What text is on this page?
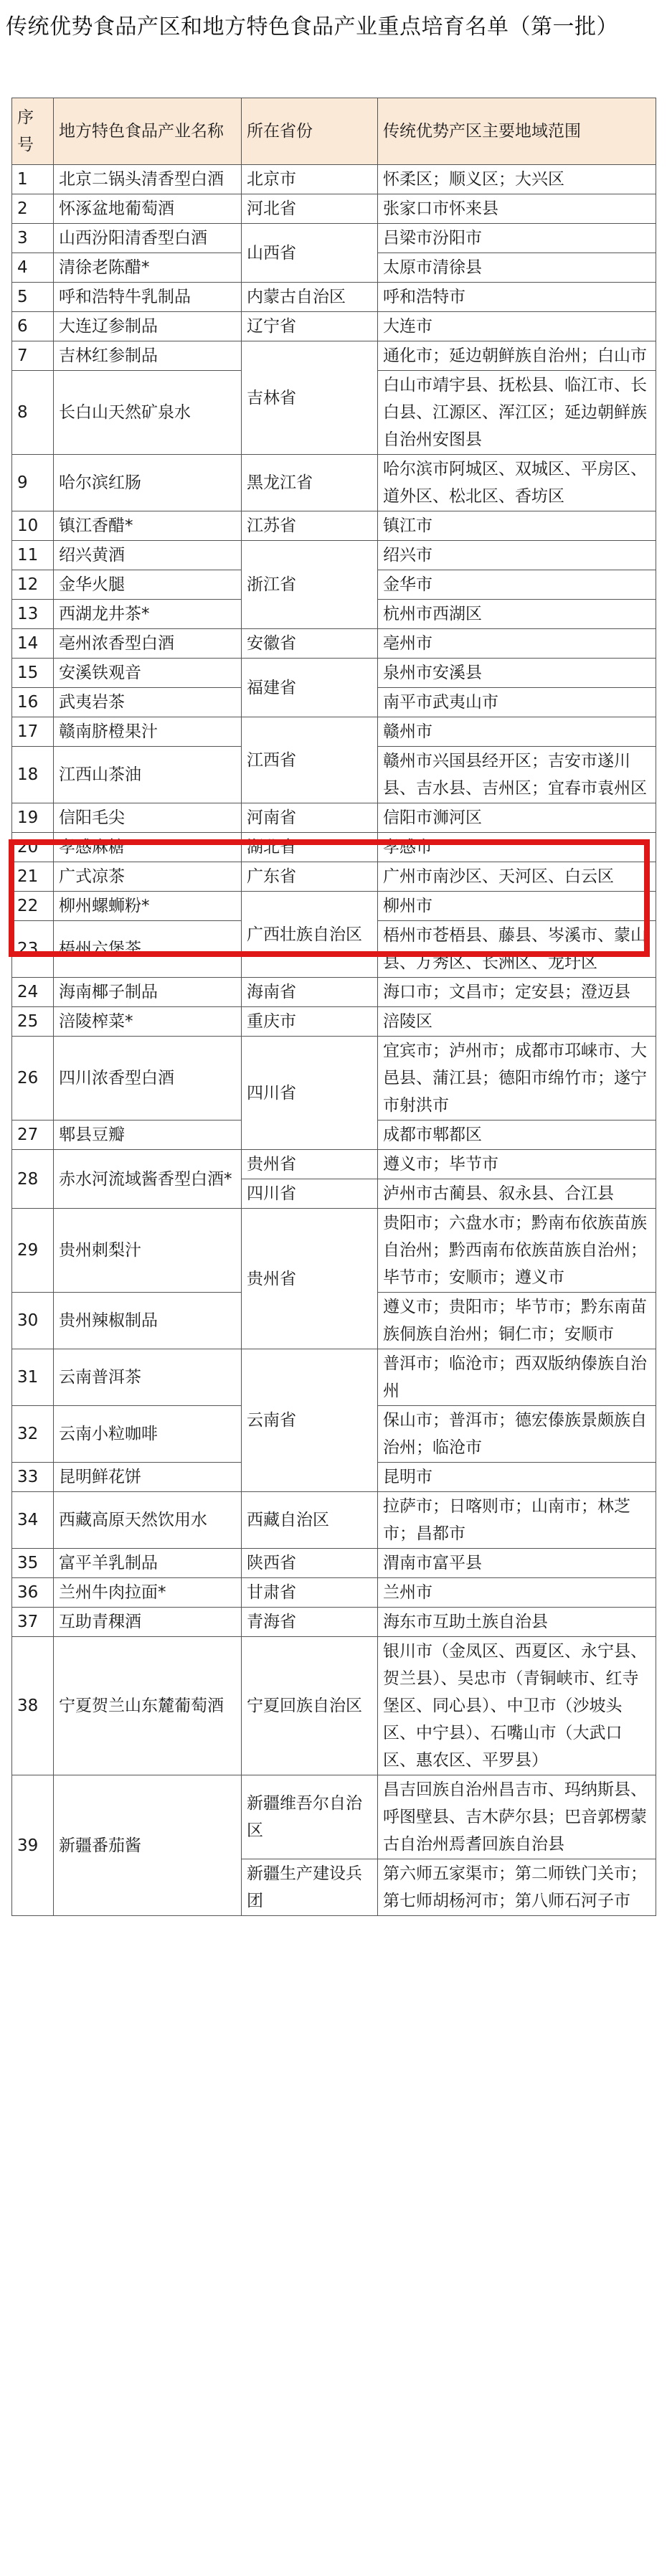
传统优势食品产区和地方特色食品产业重点培育名单（第一批）
序号	地方特色食品产业名称	所在省份	传统优势产区主要地域范围
1	北京二锅头清香型白酒	北京市	怀柔区；顺义区；大兴区
2	怀涿盆地葡萄酒	河北省	张家口市怀来县
3	山西汾阳清香型白酒	山西省	吕梁市汾阳市
4	清徐老陈醋*		太原市清徐县
5	呼和浩特牛乳制品	内蒙古自治区	呼和浩特市
6	大连辽参制品	辽宁省	大连市
7	吉林红参制品	吉林省	通化市；延边朝鲜族自治州；白山市
8	长白山天然矿泉水		白山市靖宇县、抚松县、临江市、长白县、江源区、浑江区；延边朝鲜族自治州安图县
9	哈尔滨红肠	黑龙江省	哈尔滨市阿城区、双城区、平房区、道外区、松北区、香坊区
10	镇江香醋*	江苏省	镇江市
11	绍兴黄酒	浙江省	绍兴市
12	金华火腿		金华市
13	西湖龙井茶*		杭州市西湖区
14	亳州浓香型白酒	安徽省	亳州市
15	安溪铁观音	福建省	泉州市安溪县
16	武夷岩茶		南平市武夷山市
17	赣南脐橙果汁	江西省	赣州市
18	江西山茶油		赣州市兴国县经开区；吉安市遂川县、吉水县、吉州区；宜春市袁州区
19	信阳毛尖	河南省	信阳市浉河区
20	孝感麻糖	湖北省	孝感市
21	广式凉茶	广东省	广州市南沙区、天河区、白云区
22	柳州螺蛳粉*	广西壮族自治区	柳州市
23	梧州六堡茶		梧州市苍梧县、藤县、岑溪市、蒙山县、万秀区、长洲区、龙圩区
24	海南椰子制品	海南省	海口市；文昌市；定安县；澄迈县
25	涪陵榨菜*	重庆市	涪陵区
26	四川浓香型白酒	四川省	宜宾市；泸州市；成都市邛崃市、大邑县、蒲江县；德阳市绵竹市；遂宁市射洪市
27	郫县豆瓣		成都市郫都区
28	赤水河流域酱香型白酒*	贵州省	遵义市；毕节市
		四川省	泸州市古蔺县、叙永县、合江县
29	贵州刺梨汁	贵州省	贵阳市；六盘水市；黔南布依族苗族自治州；黔西南布依族苗族自治州；毕节市；安顺市；遵义市
30	贵州辣椒制品		遵义市；贵阳市；毕节市；黔东南苗族侗族自治州；铜仁市；安顺市
31	云南普洱茶	云南省	普洱市；临沧市；西双版纳傣族自治州
32	云南小粒咖啡		保山市；普洱市；德宏傣族景颇族自治州；临沧市
33	昆明鲜花饼		昆明市
34	西藏高原天然饮用水	西藏自治区	拉萨市；日喀则市；山南市；林芝市；昌都市
35	富平羊乳制品	陕西省	渭南市富平县
36	兰州牛肉拉面*	甘肃省	兰州市
37	互助青稞酒	青海省	海东市互助土族自治县
38	宁夏贺兰山东麓葡萄酒	宁夏回族自治区	银川市（金凤区、西夏区、永宁县、贺兰县）、吴忠市（青铜峡市、红寺堡区、同心县）、中卫市（沙坡头区、中宁县）、石嘴山市（大武口区、惠农区、平罗县）
39	新疆番茄酱	新疆维吾尔自治区	昌吉回族自治州昌吉市、玛纳斯县、呼图壁县、吉木萨尔县；巴音郭楞蒙古自治州焉耆回族自治县
		新疆生产建设兵团	第六师五家渠市；第二师铁门关市；第七师胡杨河市；第八师石河子市
